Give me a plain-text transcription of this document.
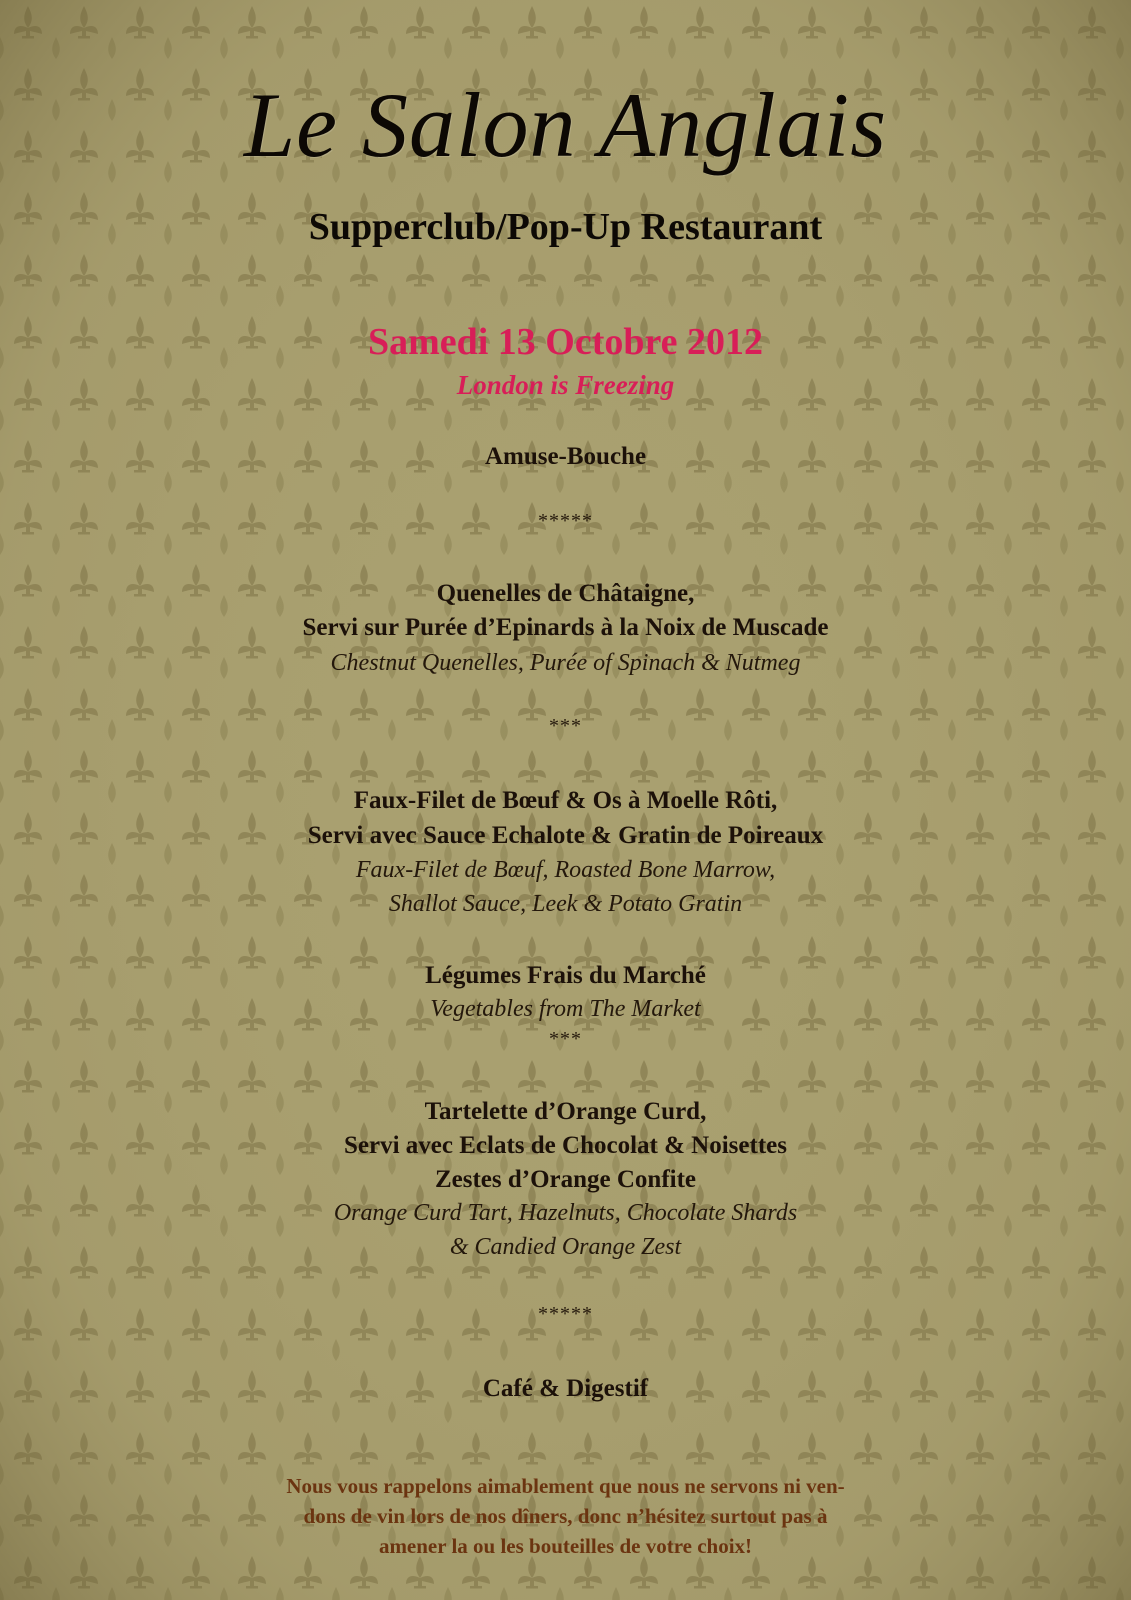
Le Salon Anglais
Supperclub/Pop-Up Restaurant
Samedi 13 Octobre 2012
London is Freezing
Amuse-Bouche
*****
Quenelles de Châtaigne,
Servi sur Purée d’Epinards à la Noix de Muscade
Chestnut Quenelles, Purée of Spinach & Nutmeg
***
Faux-Filet de Bœuf & Os à Moelle Rôti,
Servi avec Sauce Echalote & Gratin de Poireaux
Faux-Filet de Bœuf, Roasted Bone Marrow,
Shallot Sauce, Leek & Potato Gratin
Légumes Frais du Marché
Vegetables from The Market
***
Tartelette d’Orange Curd,
Servi avec Eclats de Chocolat & Noisettes
Zestes d’Orange Confite
Orange Curd Tart, Hazelnuts, Chocolate Shards
& Candied Orange Zest
*****
Café & Digestif
Nous vous rappelons aimablement que nous ne servons ni ven-
dons de vin lors de nos dîners, donc n’hésitez surtout pas à
amener la ou les bouteilles de votre choix!
